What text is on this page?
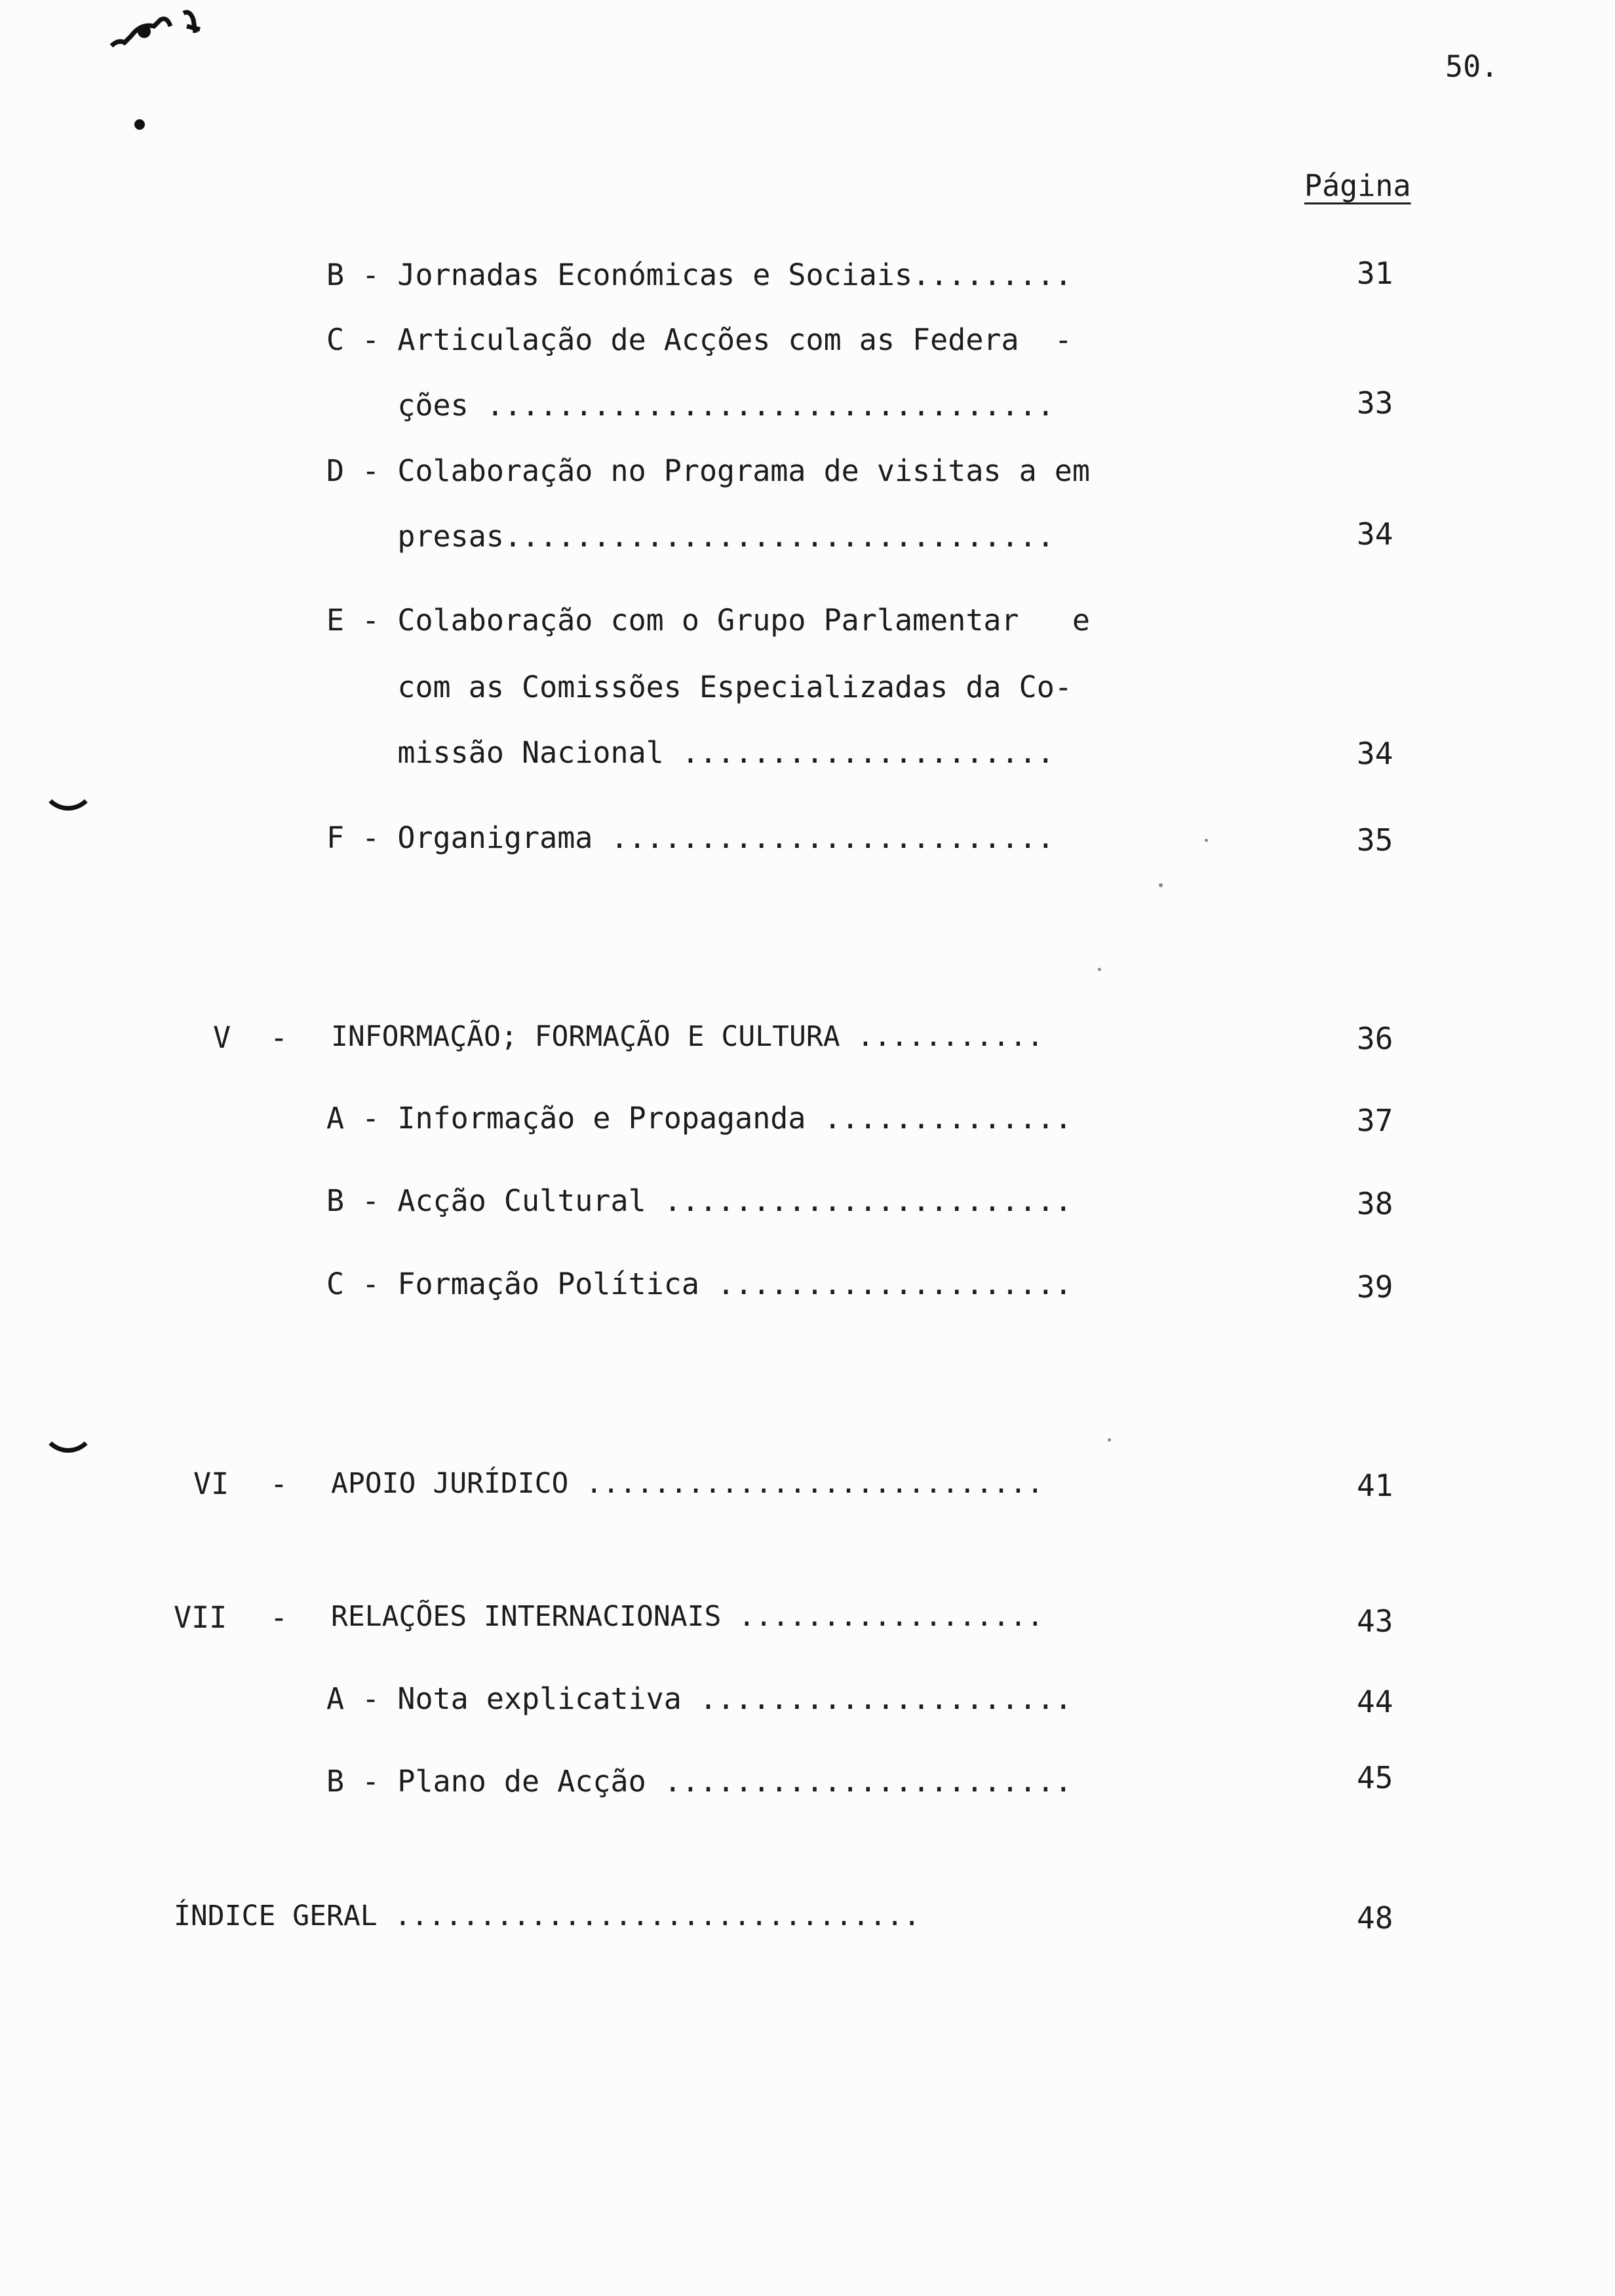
50.
Página
B - Jornadas Económicas e Sociais.........	31
C - Articulação de Acções com as Federa  -
ções ................................	33
D - Colaboração no Programa de visitas a em
presas...............................	34
E - Colaboração com o Grupo Parlamentar   e
com as Comissões Especializadas da Co-
missão Nacional .....................	34
F - Organigrama .........................	35
V - INFORMAÇÃO; FORMAÇÃO E CULTURA ...........	36
A - Informação e Propaganda ..............	37
B - Acção Cultural .......................	38
C - Formação Política ....................	39
VI - APOIO JURÍDICO ...........................	41
VII - RELAÇÕES INTERNACIONAIS ..................	43
A - Nota explicativa .....................	44
B - Plano de Acção .......................	45
ÍNDICE GERAL ...............................	48
